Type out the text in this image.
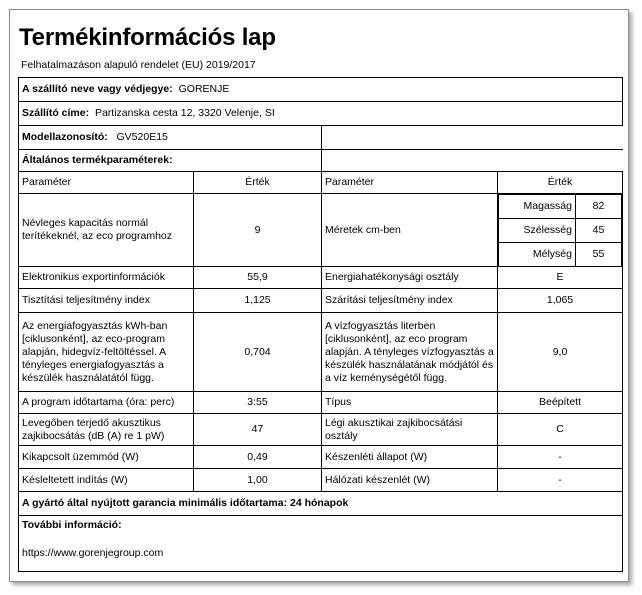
Termékinformációs lap
Felhatalmazáson alapuló rendelet (EU) 2019/2017
A szállító neve vagy védjegye: GORENJE
Szállító címe: Partizanska cesta 12, 3320 Velenje, SI
Modellazonosító: GV520E15	
Általános termékparaméterek:	
Paraméter	Érték	Paraméter	Érték
Névleges kapacitás normál terítékeknél, az eco programhoz	9	Méretek cm-ben	
Magasság	82
Szélesség	45
Mélység	55

Elektronikus exportinformációk	55,9	Energiahatékonysági osztály	E
Tisztítási teljesítmény index	1,125	Szárítási teljesítmény index	1,065
Az energiafogyasztás kWh-ban [ciklusonként], az eco-program alapján, hidegvíz-feltöltéssel. A tényleges energiafogyasztás a készülék használatától függ.	0,704	A vízfogyasztás literben [ciklusonként], az eco program alapján. A tényleges vízfogyasztás a készülék használatának módjától és a víz keménységétől függ.	9,0
A program időtartama (óra: perc)	3:55	Típus	Beépített
Levegőben terjedő akusztikus zajkibocsátás (dB (A) re 1 pW)	47	Légi akusztikai zajkibocsátási osztály	C
Kikapcsolt üzemmód (W)	0,49	Készenléti állapot (W)	-
Késleltetett indítás (W)	1,00	Hálózati készenlét (W)	-
A gyártó által nyújtott garancia minimális időtartama: 24 hónapok
További információ:
https://www.gorenjegroup.com
